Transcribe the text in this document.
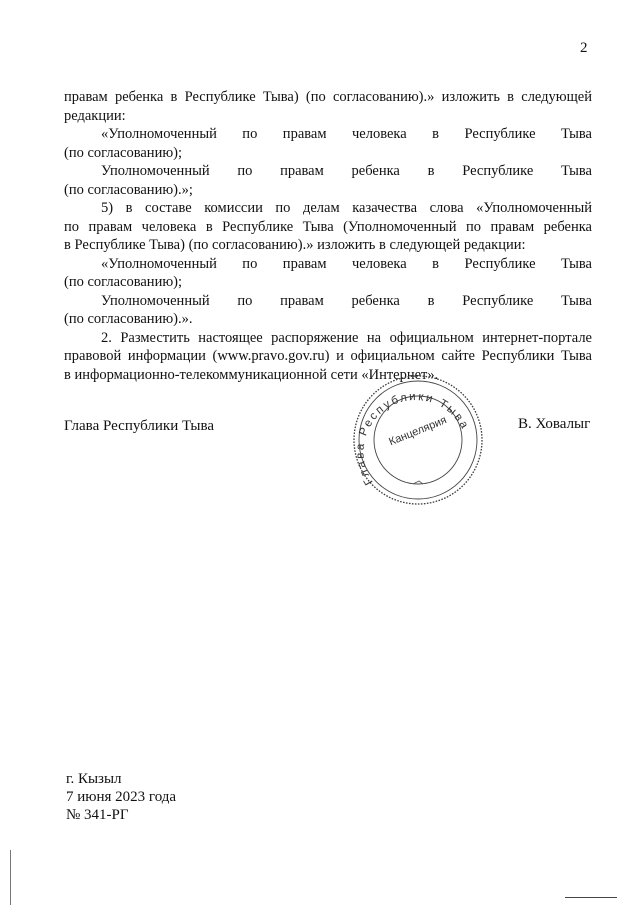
2
правам ребенка в Республике Тыва) (по согласованию).» изложить в следующей
редакции:
«Уполномоченный по правам человека в Республике Тыва
(по согласованию);
Уполномоченный по правам ребенка в Республике Тыва
(по согласованию).»;
5) в составе комиссии по делам казачества слова «Уполномоченный
по правам человека в Республике Тыва (Уполномоченный по правам ребенка
в Республике Тыва) (по согласованию).» изложить в следующей редакции:
«Уполномоченный по правам человека в Республике Тыва
(по согласованию);
Уполномоченный по правам ребенка в Республике Тыва
(по согласованию).».
2. Разместить настоящее распоряжение на официальном интернет-портале
правовой информации (www.pravo.gov.ru) и официальном сайте Республики Тыва
в информационно-телекоммуникационной сети «Интернет».
Глава Республики Тыва	В. Ховалыг
Глава Республики Тыва
Канцелярия
г. Кызыл
7 июня 2023 года
№ 341-РГ
